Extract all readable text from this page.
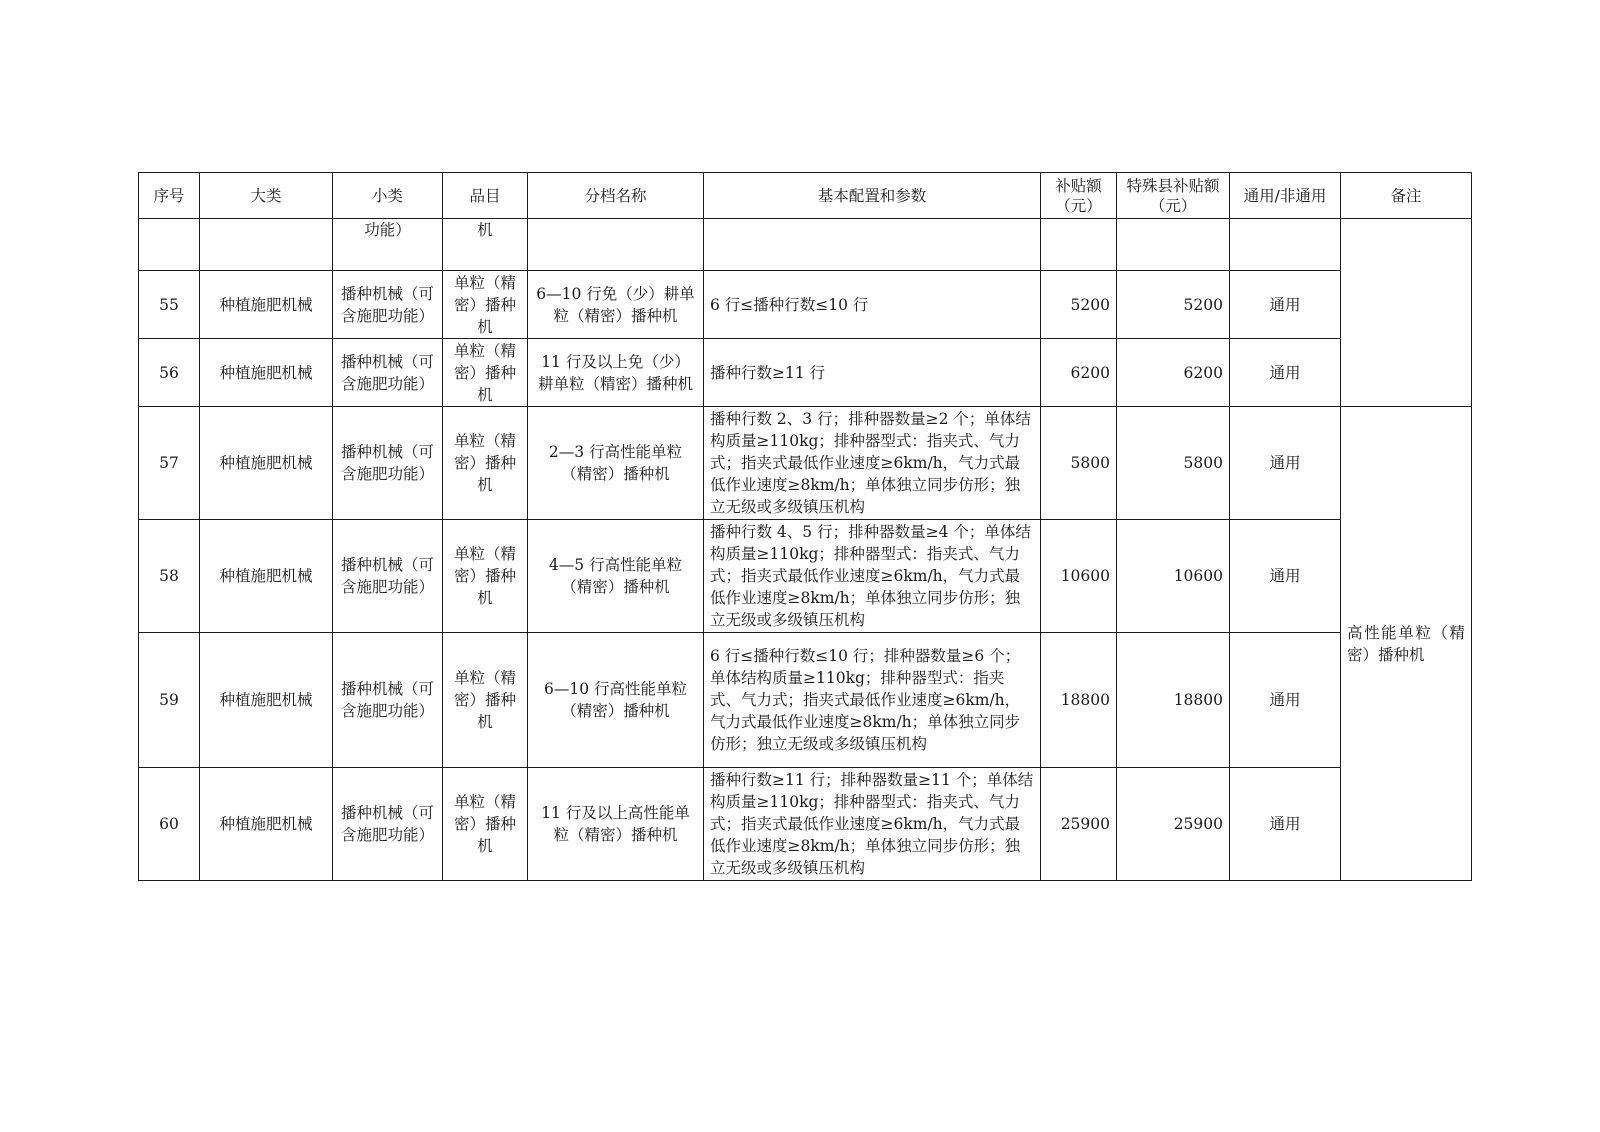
序号	大类	小类	品目	分档名称	基本配置和参数	补贴额（元）	特殊县补贴额（元）	通用/非通用	备注
		功能）	机						
55	种植施肥机械	播种机械（可含施肥功能）	单粒（精密）播种机	6—10 行免（少）耕单粒（精密）播种机	6 行≤播种行数≤10 行	5200	5200	通用	
56	种植施肥机械	播种机械（可含施肥功能）	单粒（精密）播种机	11 行及以上免（少）耕单粒（精密）播种机	播种行数≥11 行	6200	6200	通用	
57	种植施肥机械	播种机械（可含施肥功能）	单粒（精密）播种机	2—3 行高性能单粒（精密）播种机	播种行数 2、3 行；排种器数量≥2 个；单体结构质量≥110kg；排种器型式：指夹式、气力式；指夹式最低作业速度≥6km/h，气力式最低作业速度≥8km/h；单体独立同步仿形；独立无级或多级镇压机构	5800	5800	通用	高性能单粒（精密）播种机
58	种植施肥机械	播种机械（可含施肥功能）	单粒（精密）播种机	4—5 行高性能单粒（精密）播种机	播种行数 4、5 行；排种器数量≥4 个；单体结构质量≥110kg；排种器型式：指夹式、气力式；指夹式最低作业速度≥6km/h，气力式最低作业速度≥8km/h；单体独立同步仿形；独立无级或多级镇压机构	10600	10600	通用	
59	种植施肥机械	播种机械（可含施肥功能）	单粒（精密）播种机	6—10 行高性能单粒（精密）播种机	6 行≤播种行数≤10 行；排种器数量≥6 个；单体结构质量≥110kg；排种器型式：指夹式、气力式；指夹式最低作业速度≥6km/h，气力式最低作业速度≥8km/h；单体独立同步仿形；独立无级或多级镇压机构	18800	18800	通用	
60	种植施肥机械	播种机械（可含施肥功能）	单粒（精密）播种机	11 行及以上高性能单粒（精密）播种机	播种行数≥11 行；排种器数量≥11 个；单体结构质量≥110kg；排种器型式：指夹式、气力式；指夹式最低作业速度≥6km/h，气力式最低作业速度≥8km/h；单体独立同步仿形；独立无级或多级镇压机构	25900	25900	通用	
